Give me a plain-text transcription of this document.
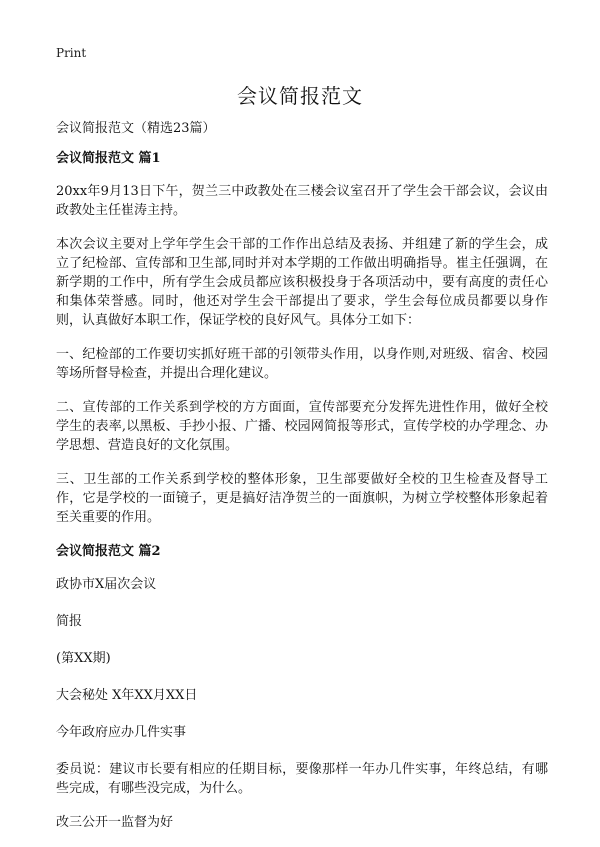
Print
会议简报范文

会议简报范文（精选23篇）

会议简报范文 篇1

20xx年9月13日下午，贺兰三中政教处在三楼会议室召开了学生会干部会议，会议由政教处主任崔涛主持。

本次会议主要对上学年学生会干部的工作作出总结及表扬、并组建了新的学生会，成立了纪检部、宣传部和卫生部,同时并对本学期的工作做出明确指导。崔主任强调，在新学期的工作中，所有学生会成员都应该积极投身于各项活动中，要有高度的责任心和集体荣誉感。同时，他还对学生会干部提出了要求，学生会每位成员都要以身作则，认真做好本职工作，保证学校的良好风气。具体分工如下：

一、纪检部的工作要切实抓好班干部的引领带头作用，以身作则,对班级、宿舍、校园等场所督导检查，并提出合理化建议。

二、宣传部的工作关系到学校的方方面面，宣传部要充分发挥先进性作用，做好全校学生的表率,以黑板、手抄小报、广播、校园网简报等形式，宣传学校的办学理念、办学思想、营造良好的文化氛围。

三、卫生部的工作关系到学校的整体形象，卫生部要做好全校的卫生检查及督导工作，它是学校的一面镜子，更是搞好洁净贺兰的一面旗帜，为树立学校整体形象起着至关重要的作用。

会议简报范文 篇2

政协市X届次会议

简报

(第XX期)

大会秘处 X年XX月XX日

今年政府应办几件实事

委员说：建议市长要有相应的任期目标，要像那样一年办几件实事，年终总结，有哪些完成，有哪些没完成，为什么。

改三公开一监督为好
